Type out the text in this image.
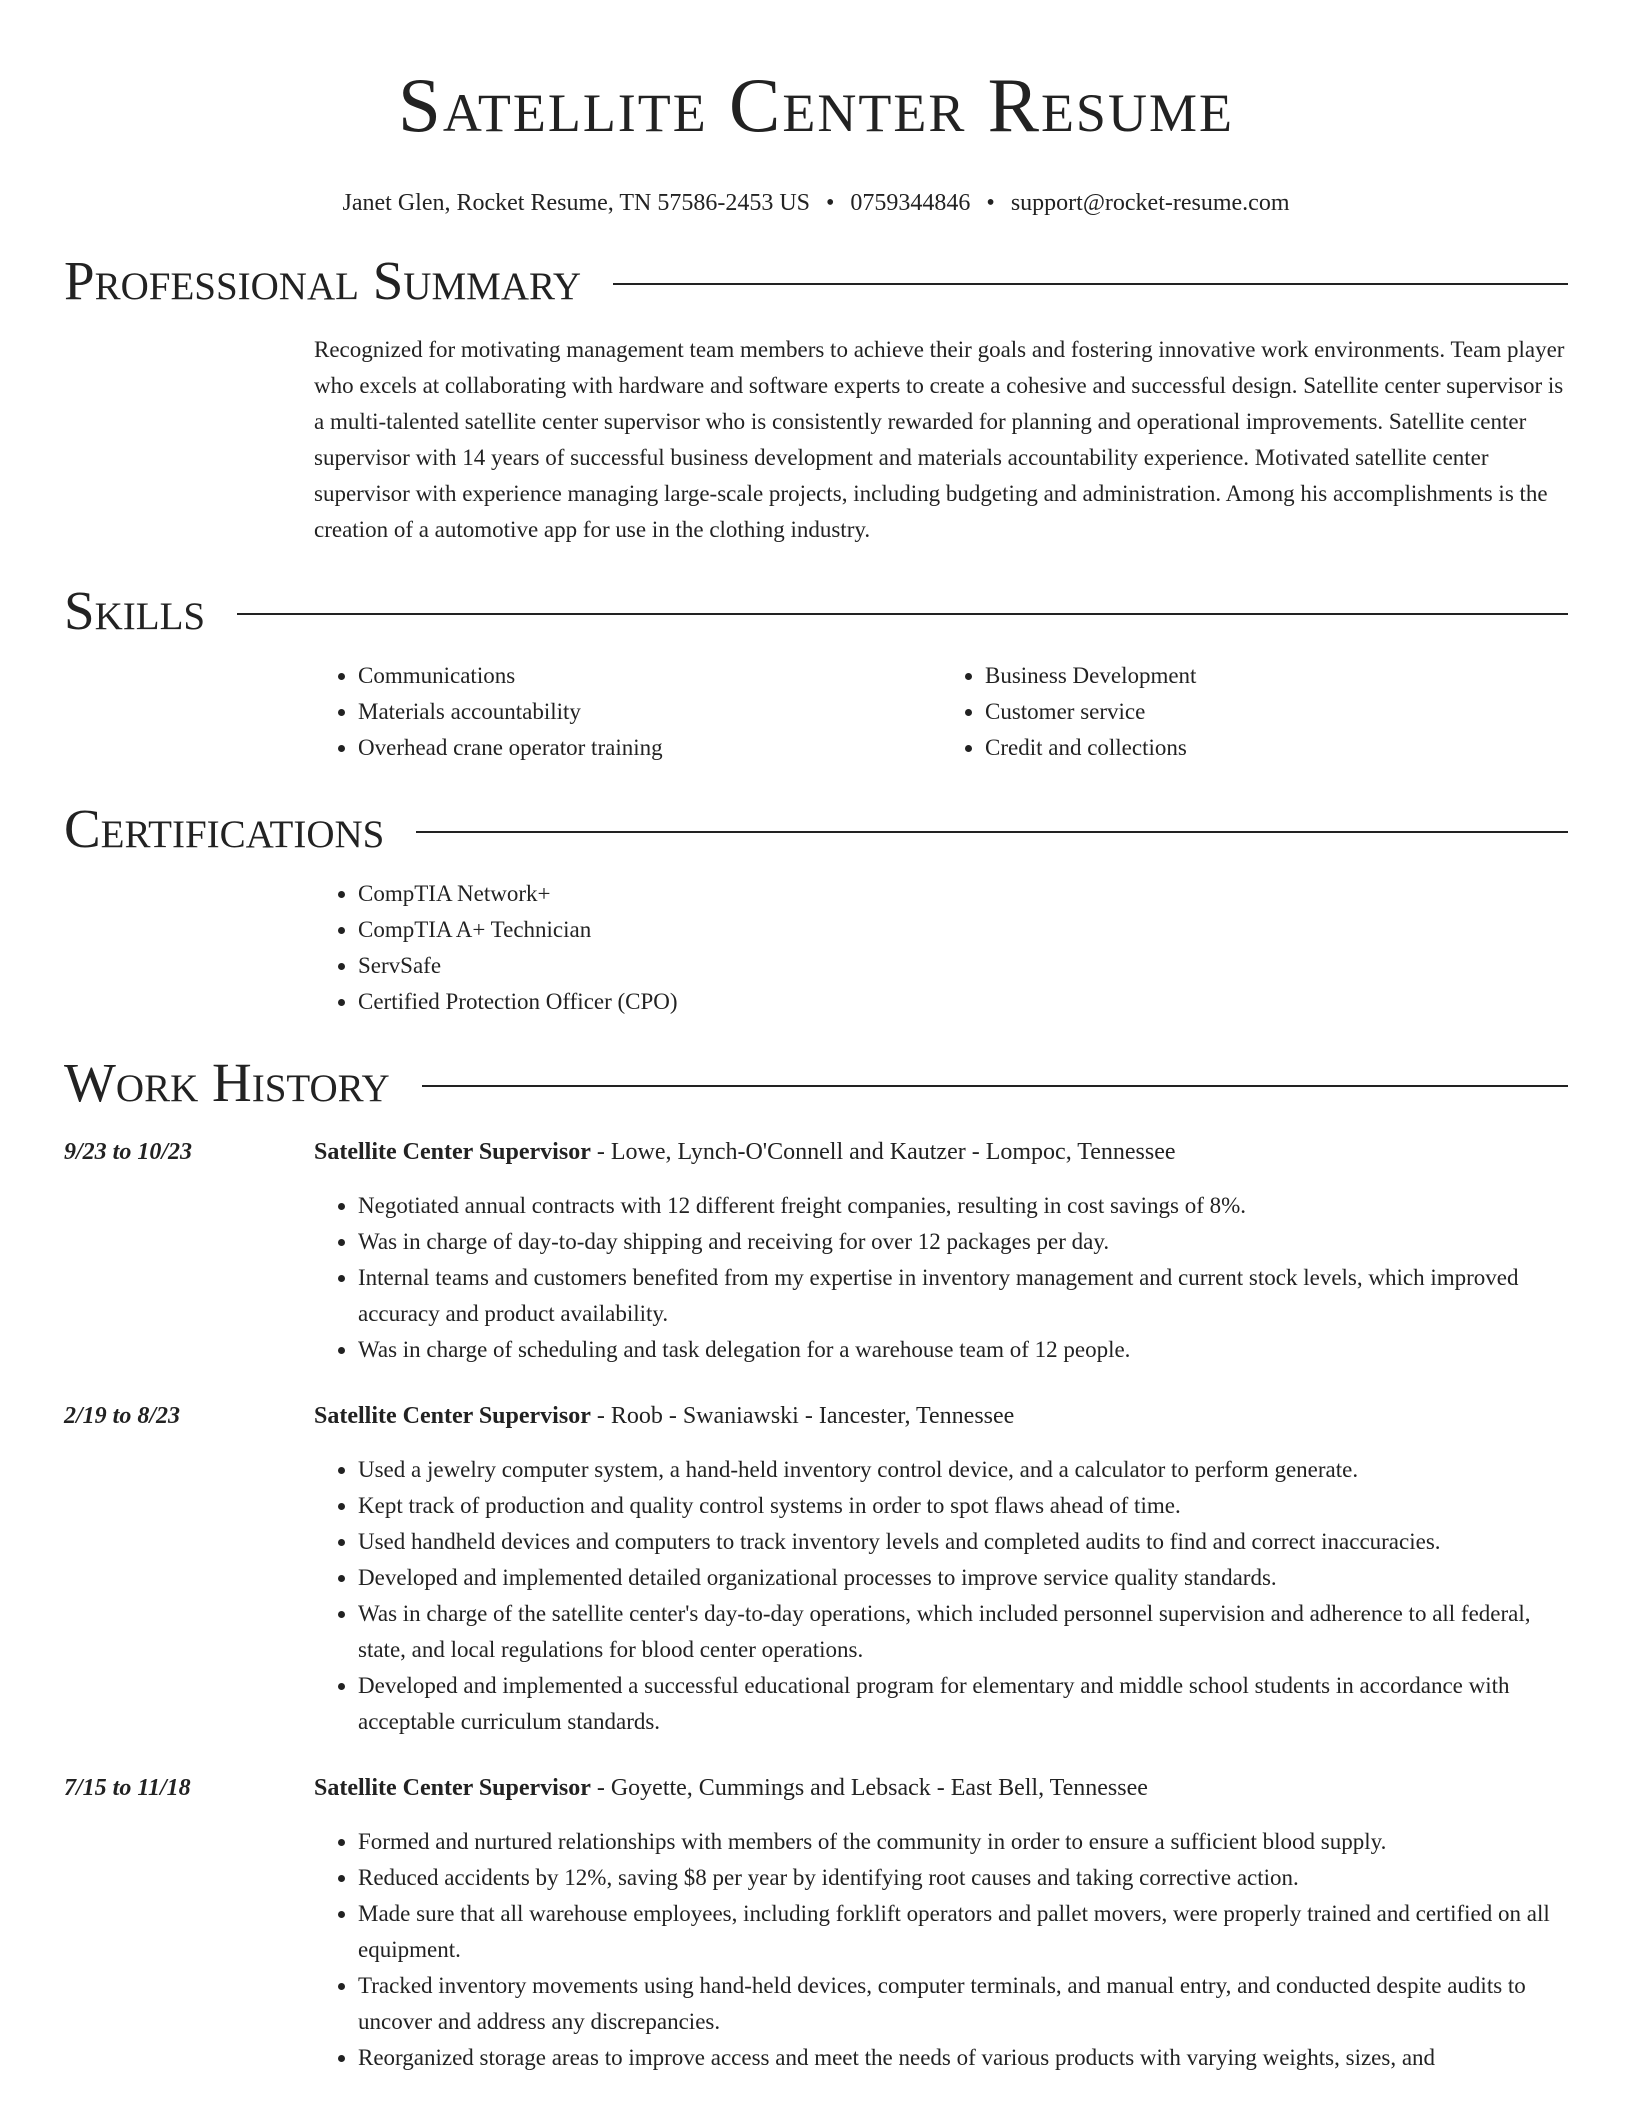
Satellite Center Resume
Janet Glen, Rocket Resume, TN 57586-2453 US • 0759344846 • support@rocket-resume.com
Professional Summary

Recognized for motivating management team members to achieve their goals and fostering innovative work environments. Team player who excels at collaborating with hardware and software experts to create a cohesive and successful design. Satellite center supervisor is a multi-talented satellite center supervisor who is consistently rewarded for planning and operational improvements. Satellite center supervisor with 14 years of successful business development and materials accountability experience. Motivated satellite center supervisor with experience managing large-scale projects, including budgeting and administration. Among his accomplishments is the creation of a automotive app for use in the clothing industry.

Skills
• Communications
• Materials accountability
• Overhead crane operator training
• Business Development
• Customer service
• Credit and collections
Certifications
• CompTIA Network+
• CompTIA A+ Technician
• ServSafe
• Certified Protection Officer (CPO)
Work History
9/23 to 10/23	Satellite Center Supervisor - Lowe, Lynch-O'Connell and Kautzer - Lompoc, Tennessee
• Negotiated annual contracts with 12 different freight companies, resulting in cost savings of 8%.
• Was in charge of day-to-day shipping and receiving for over 12 packages per day.
• Internal teams and customers benefited from my expertise in inventory management and current stock levels, which improved accuracy and product availability.
• Was in charge of scheduling and task delegation for a warehouse team of 12 people.
2/19 to 8/23	Satellite Center Supervisor - Roob - Swaniawski - Iancester, Tennessee
• Used a jewelry computer system, a hand-held inventory control device, and a calculator to perform generate.
• Kept track of production and quality control systems in order to spot flaws ahead of time.
• Used handheld devices and computers to track inventory levels and completed audits to find and correct inaccuracies.
• Developed and implemented detailed organizational processes to improve service quality standards.
• Was in charge of the satellite center's day-to-day operations, which included personnel supervision and adherence to all federal, state, and local regulations for blood center operations.
• Developed and implemented a successful educational program for elementary and middle school students in accordance with acceptable curriculum standards.
7/15 to 11/18	Satellite Center Supervisor - Goyette, Cummings and Lebsack - East Bell, Tennessee
• Formed and nurtured relationships with members of the community in order to ensure a sufficient blood supply.
• Reduced accidents by 12%, saving $8 per year by identifying root causes and taking corrective action.
• Made sure that all warehouse employees, including forklift operators and pallet movers, were properly trained and certified on all equipment.
• Tracked inventory movements using hand-held devices, computer terminals, and manual entry, and conducted despite audits to uncover and address any discrepancies.
• Reorganized storage areas to improve access and meet the needs of various products with varying weights, sizes, and
